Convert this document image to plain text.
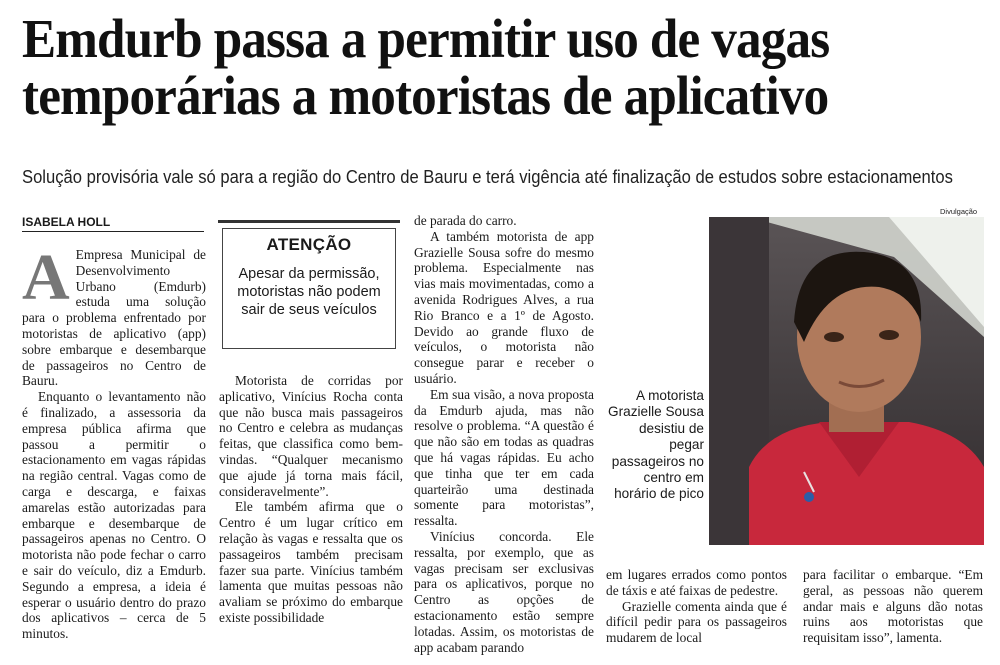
Emdurb passa a permitir uso de vagas temporárias a motoristas de aplicativo

Solução provisória vale só para a região do Centro de Bauru e terá vigência até finalização de estudos sobre estacionamentos

ISABELA HOLL
A Empresa Municipal de Desenvolvimento Urbano (Emdurb) estuda uma solução para o problema enfrentado por motoristas de aplicativo (app) sobre embarque e desembarque de passageiros no Centro de Bauru.

Enquanto o levantamento não é finalizado, a assessoria da empresa pública afirma que passou a permitir o estacionamento em vagas rápidas na região central. Vagas como de carga e descarga, e faixas amarelas estão autorizadas para embarque e desembarque de passageiros apenas no Centro. O motorista não pode fechar o carro e sair do veículo, diz a Emdurb. Segundo a empresa, a ideia é esperar o usuário dentro do prazo dos aplicativos – cerca de 5 minutos.

ATENÇÃO
Apesar da permissão, motoristas não podem sair de seus veículos

Motorista de corridas por aplicativo, Vinícius Rocha conta que não busca mais passageiros no Centro e celebra as mudanças feitas, que classifica como bem-vindas. “Qualquer mecanismo que ajude já torna mais fácil, consideravelmente”.

Ele também afirma que o Centro é um lugar crítico em relação às vagas e ressalta que os passageiros também precisam fazer sua parte. Vinícius também lamenta que muitas pessoas não avaliam se próximo do embarque existe possibilidade

de parada do carro.

A também motorista de app Grazielle Sousa sofre do mesmo problema. Especialmente nas vias mais movimentadas, como a avenida Rodrigues Alves, a rua Rio Branco e a 1º de Agosto. Devido ao grande fluxo de veículos, o motorista não consegue parar e receber o usuário.

Em sua visão, a nova proposta da Emdurb ajuda, mas não resolve o problema. “A questão é que não são em todas as quadras que há vagas rápidas. Eu acho que tinha que ter em cada quarteirão uma destinada somente para motoristas”, ressalta.

Vinícius concorda. Ele ressalta, por exemplo, que as vagas precisam ser exclusivas para os aplicativos, porque no Centro as opções de estacionamento estão sempre lotadas. Assim, os motoristas de app acabam parando

A motorista Grazielle Sousa desistiu de pegar passageiros no centro em horário de pico
Divulgação

em lugares errados como pontos de táxis e até faixas de pedestre.

Grazielle comenta ainda que é difícil pedir para os passageiros mudarem de local

para facilitar o embarque. “Em geral, as pessoas não querem andar mais e alguns dão notas ruins aos motoristas que requisitam isso”, lamenta.
